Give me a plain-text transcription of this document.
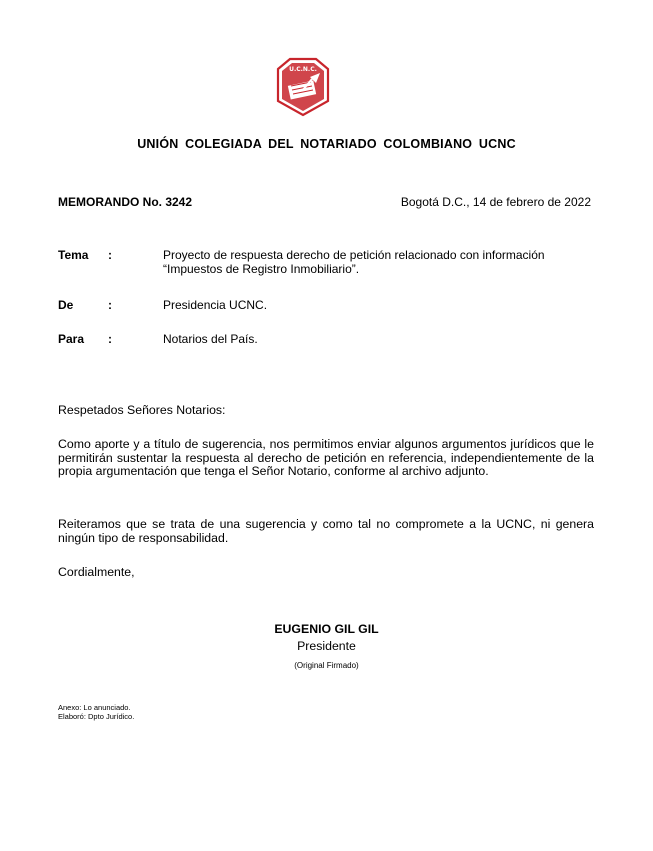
U.C.N.C.
UNIÓN COLEGIADA DEL NOTARIADO COLOMBIANO UCNC
MEMORANDO No. 3242	Bogotá D.C., 14 de febrero de 2022
Tema :	Proyecto de respuesta derecho de petición relacionado con información “Impuestos de Registro Inmobiliario”.
De	:	Presidencia UCNC.
Para :	Notarios del País.
Respetados Señores Notarios:
Como aporte y a título de sugerencia, nos permitimos enviar algunos argumentos jurídicos que le permitirán sustentar la respuesta al derecho de petición en referencia, independientemente de la propia argumentación que tenga el Señor Notario, conforme al archivo adjunto.
Reiteramos que se trata de una sugerencia y como tal no compromete a la UCNC, ni genera ningún tipo de responsabilidad.
Cordialmente,
EUGENIO GIL GIL
Presidente
(Original Firmado)
Anexo: Lo anunciado.
Elaboró: Dpto Jurídico.
